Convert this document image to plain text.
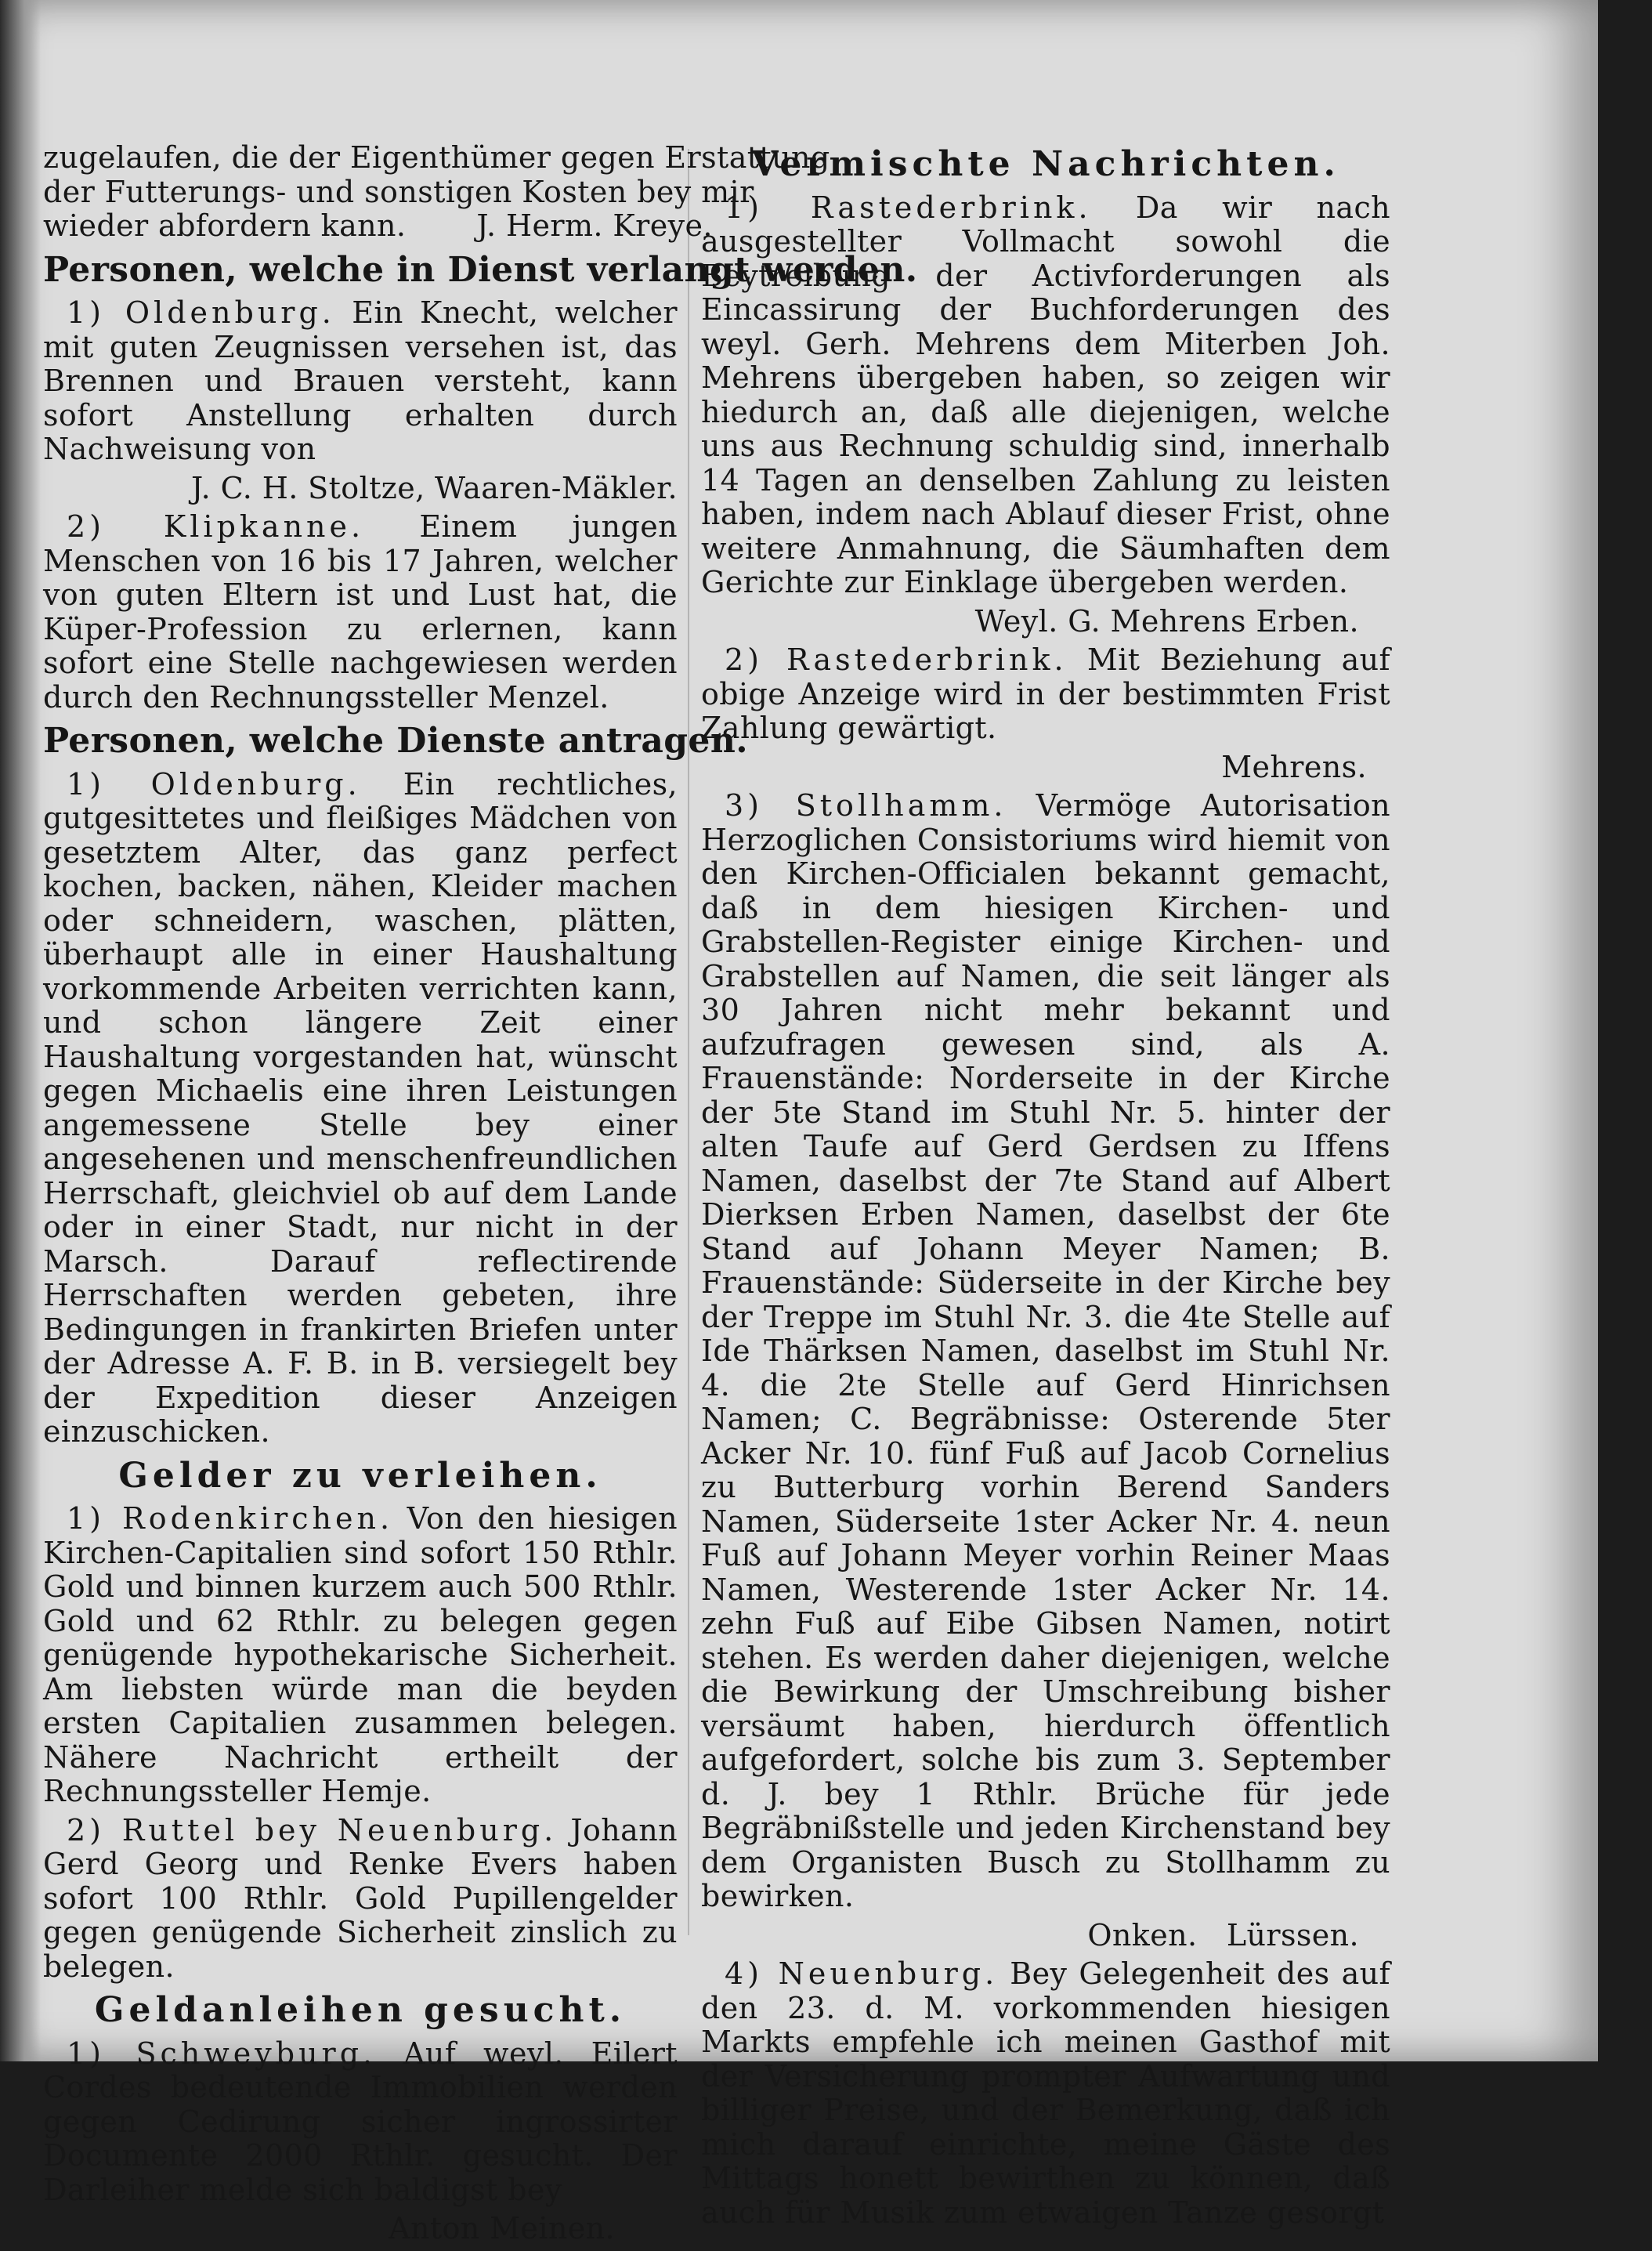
zugelaufen, die der Eigenthümer gegen Erstattung
der Futterungs- und sonstigen Kosten bey mir
wieder abfordern kann. J. Herm. Kreye.

Personen, welche in Dienst verlangt werden.

1) Oldenburg. Ein Knecht, welcher mit guten Zeugnissen versehen ist, das Brennen und Brauen versteht, kann sofort Anstellung erhalten durch Nachweisung von

J. C. H. Stoltze, Waaren-Mäkler.

2) Klipkanne. Einem jungen Menschen von 16 bis 17 Jahren, welcher von guten Eltern ist und Lust hat, die Küper-Profession zu erlernen, kann sofort eine Stelle nachgewiesen werden durch den Rechnungssteller Menzel.

Personen, welche Dienste antragen.

1) Oldenburg. Ein rechtliches, gutgesittetes und fleißiges Mädchen von gesetztem Alter, das ganz perfect kochen, backen, nähen, Kleider machen oder schneidern, waschen, plätten, überhaupt alle in einer Haushaltung vorkommende Arbeiten verrichten kann, und schon längere Zeit einer Haushaltung vorgestanden hat, wünscht gegen Michaelis eine ihren Leistungen angemessene Stelle bey einer angesehenen und menschenfreundlichen Herrschaft, gleichviel ob auf dem Lande oder in einer Stadt, nur nicht in der Marsch. Darauf reflectirende Herrschaften werden gebeten, ihre Bedingungen in frankirten Briefen unter der Adresse A. F. B. in B. versiegelt bey der Expedition dieser Anzeigen einzuschicken.

Gelder zu verleihen.

1) Rodenkirchen. Von den hiesigen Kirchen-Capitalien sind sofort 150 Rthlr. Gold und binnen kurzem auch 500 Rthlr. Gold und 62 Rthlr. zu belegen gegen genügende hypothekarische Sicherheit. Am liebsten würde man die beyden ersten Capitalien zusammen belegen. Nähere Nachricht ertheilt der Rechnungssteller Hemje.

2) Ruttel bey Neuenburg. Johann Gerd Georg und Renke Evers haben sofort 100 Rthlr. Gold Pupillengelder gegen genügende Sicherheit zinslich zu belegen.

Geldanleihen gesucht.

1) Schweyburg. Auf weyl. Eilert Cordes bedeutende Immobilien werden gegen Cedirung sicher ingrossirter Documente 2000 Rthlr. gesucht. Der Darleiher melde sich baldigst bey

Anton Meinen.
Vermischte Nachrichten.

1) Rastederbrink. Da wir nach ausgestellter Vollmacht sowohl die Beytreibung der Activforderungen als Eincassirung der Buchforderungen des weyl. Gerh. Mehrens dem Miterben Joh. Mehrens übergeben haben, so zeigen wir hiedurch an, daß alle diejenigen, welche uns aus Rechnung schuldig sind, innerhalb 14 Tagen an denselben Zahlung zu leisten haben, indem nach Ablauf dieser Frist, ohne weitere Anmahnung, die Säumhaften dem Gerichte zur Einklage übergeben werden.

Weyl. G. Mehrens Erben.

2) Rastederbrink. Mit Beziehung auf obige Anzeige wird in der bestimmten Frist Zahlung gewärtigt.

Mehrens.

3) Stollhamm. Vermöge Autorisation Herzoglichen Consistoriums wird hiemit von den Kirchen-Officialen bekannt gemacht, daß in dem hiesigen Kirchen- und Grabstellen-Register einige Kirchen- und Grabstellen auf Namen, die seit länger als 30 Jahren nicht mehr bekannt und aufzufragen gewesen sind, als A. Frauenstände: Norderseite in der Kirche der 5te Stand im Stuhl Nr. 5. hinter der alten Taufe auf Gerd Gerdsen zu Iffens Namen, daselbst der 7te Stand auf Albert Dierksen Erben Namen, daselbst der 6te Stand auf Johann Meyer Namen; B. Frauenstände: Süderseite in der Kirche bey der Treppe im Stuhl Nr. 3. die 4te Stelle auf Ide Thärksen Namen, daselbst im Stuhl Nr. 4. die 2te Stelle auf Gerd Hinrichsen Namen; C. Begräbnisse: Osterende 5ter Acker Nr. 10. fünf Fuß auf Jacob Cornelius zu Butterburg vorhin Berend Sanders Namen, Süderseite 1ster Acker Nr. 4. neun Fuß auf Johann Meyer vorhin Reiner Maas Namen, Westerende 1ster Acker Nr. 14. zehn Fuß auf Eibe Gibsen Namen, notirt stehen. Es werden daher diejenigen, welche die Bewirkung der Umschreibung bisher versäumt haben, hierdurch öffentlich aufgefordert, solche bis zum 3. September d. J. bey 1 Rthlr. Brüche für jede Begräbnißstelle und jeden Kirchenstand bey dem Organisten Busch zu Stollhamm zu bewirken.

Onken.   Lürssen.

4) Neuenburg. Bey Gelegenheit des auf den 23. d. M. vorkommenden hiesigen Markts empfehle ich meinen Gasthof mit der Versicherung prompter Aufwartung und billiger Preise, und der Bemerkung, daß ich mich darauf einrichte, meine Gäste des Mittags honett bewirthen zu können, daß auch für Musik zum etwaigen Tanze gesorgt
